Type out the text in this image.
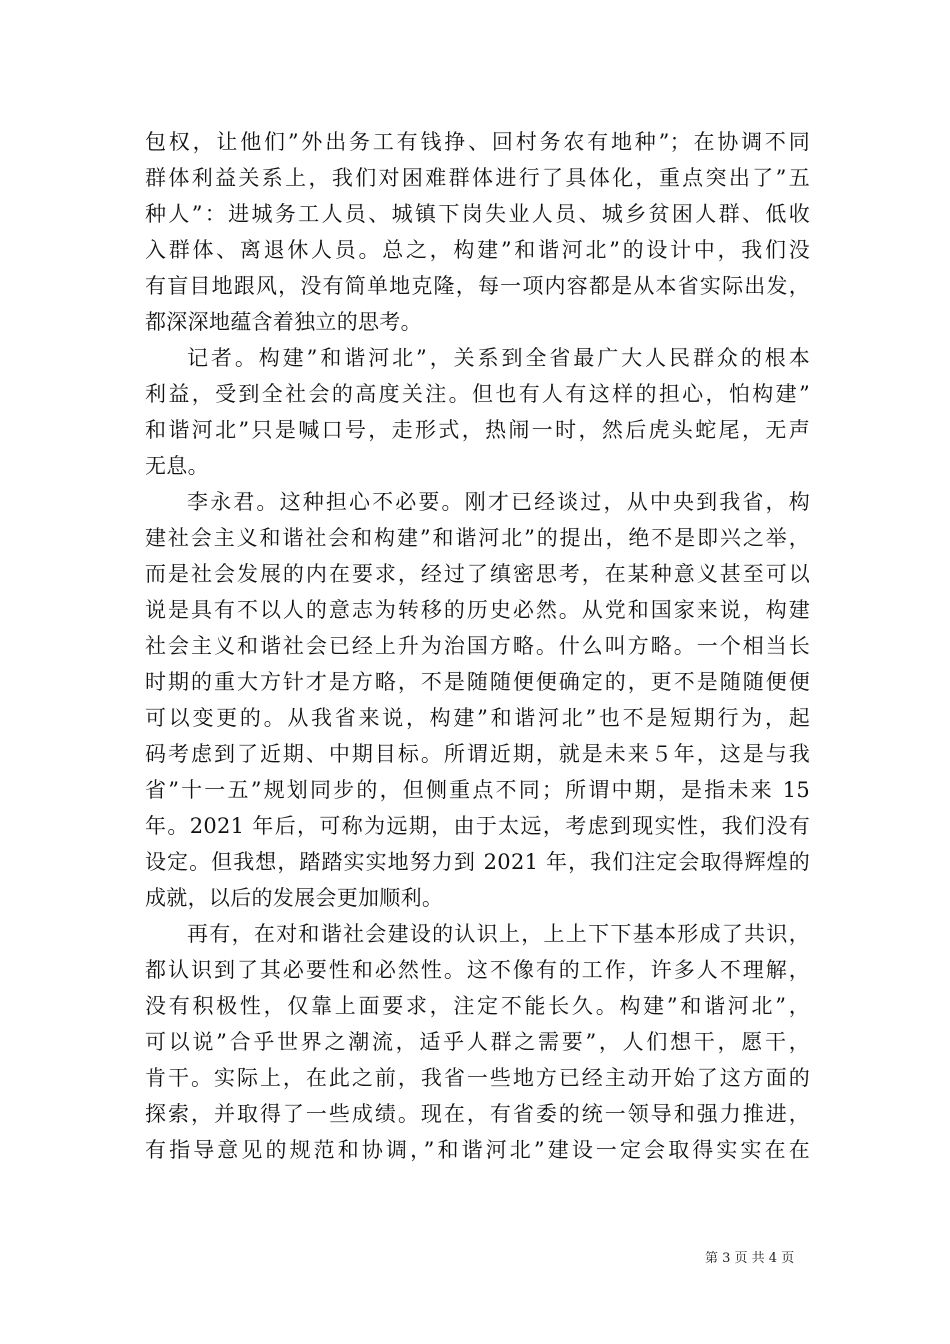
包权，让他们”外出务工有钱挣、回村务农有地种”；在协调不同
群体利益关系上，我们对困难群体进行了具体化，重点突出了”五
种人”：进城务工人员、城镇下岗失业人员、城乡贫困人群、低收
入群体、离退休人员。总之，构建”和谐河北”的设计中，我们没
有盲目地跟风，没有简单地克隆，每一项内容都是从本省实际出发，
都深深地蕴含着独立的思考。
记者。构建”和谐河北”，关系到全省最广大人民群众的根本
利益，受到全社会的高度关注。但也有人有这样的担心，怕构建”
和谐河北”只是喊口号，走形式，热闹一时，然后虎头蛇尾，无声
无息。
李永君。这种担心不必要。刚才已经谈过，从中央到我省，构
建社会主义和谐社会和构建”和谐河北”的提出，绝不是即兴之举，
而是社会发展的内在要求，经过了缜密思考，在某种意义甚至可以
说是具有不以人的意志为转移的历史必然。从党和国家来说，构建
社会主义和谐社会已经上升为治国方略。什么叫方略。一个相当长
时期的重大方针才是方略，不是随随便便确定的，更不是随随便便
可以变更的。从我省来说，构建”和谐河北”也不是短期行为，起
码考虑到了近期、中期目标。所谓近期，就是未来５年，这是与我
省”十一五”规划同步的，但侧重点不同；所谓中期，是指未来 15
年。2021 年后，可称为远期，由于太远，考虑到现实性，我们没有
设定。但我想，踏踏实实地努力到 2021 年，我们注定会取得辉煌的
成就，以后的发展会更加顺利。
再有，在对和谐社会建设的认识上，上上下下基本形成了共识，
都认识到了其必要性和必然性。这不像有的工作，许多人不理解，
没有积极性，仅靠上面要求，注定不能长久。构建”和谐河北”，
可以说”合乎世界之潮流，适乎人群之需要”，人们想干，愿干，
肯干。实际上，在此之前，我省一些地方已经主动开始了这方面的
探索，并取得了一些成绩。现在，有省委的统一领导和强力推进，
有指导意见的规范和协调，”和谐河北”建设一定会取得实实在在
第 3 页 共 4 页
